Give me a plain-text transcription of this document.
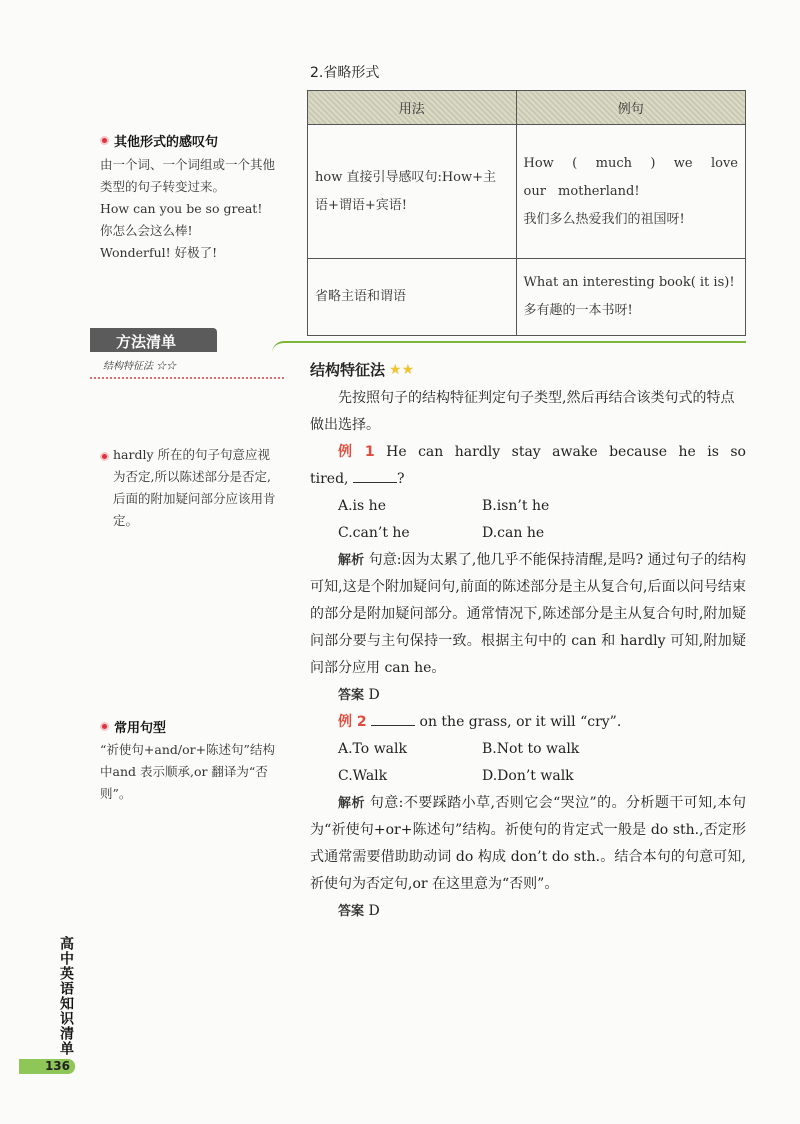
2.省略形式
用法	例句
how 直接引导感叹句:How+主语+谓语+宾语!	How ( much ) we love our motherland!
我们多么热爱我们的祖国呀!

省略主语和谓语	What an interesting book( it is)!
多有趣的一本书呀!
其他形式的感叹句

由一个词、一个词组或一个其他类型的句子转变过来。

How can you be so great! 你怎么会这么棒!

Wonderful! 好极了!

方法清单
结构特征法 ☆☆	结构特征法 ★★

先按照句子的结构特征判定句子类型,然后再结合该类句式的特点做出选择。

例 1 He can hardly stay awake because he is so

tired,	?

A.is he	B.isn’t he
C.can’t he	D.can he

解析 句意:因为太累了,他几乎不能保持清醒,是吗? 通过句子的结构可知,这是个附加疑问句,前面的陈述部分是主从复合句,后面以问号结束的部分是附加疑问部分。通常情况下,陈述部分是主从复合句时,附加疑问部分要与主句保持一致。根据主句中的 can 和 hardly 可知,附加疑问部分应用 can he。

答案 D

例 2	on the grass, or it will “cry”.

A.To walk	B.Not to walk
C.Walk	D.Don’t walk

解析 句意:不要踩踏小草,否则它会“哭泣”的。分析题干可知,本句为“祈使句+or+陈述句”结构。祈使句的肯定式一般是 do sth.,否定形式通常需要借助助动词 do 构成 don’t do sth.。结合本句的句意可知,祈使句为否定句,or 在这里意为“否则”。

答案 D

hardly 所在的句子句意应视为否定,所以陈述部分是否定,后面的附加疑问部分应该用肯定。
常用句型
“祈使句+and/or+陈述句”结构中and 表示顺承,or 翻译为“否则”。
高中英语知识清单
136
